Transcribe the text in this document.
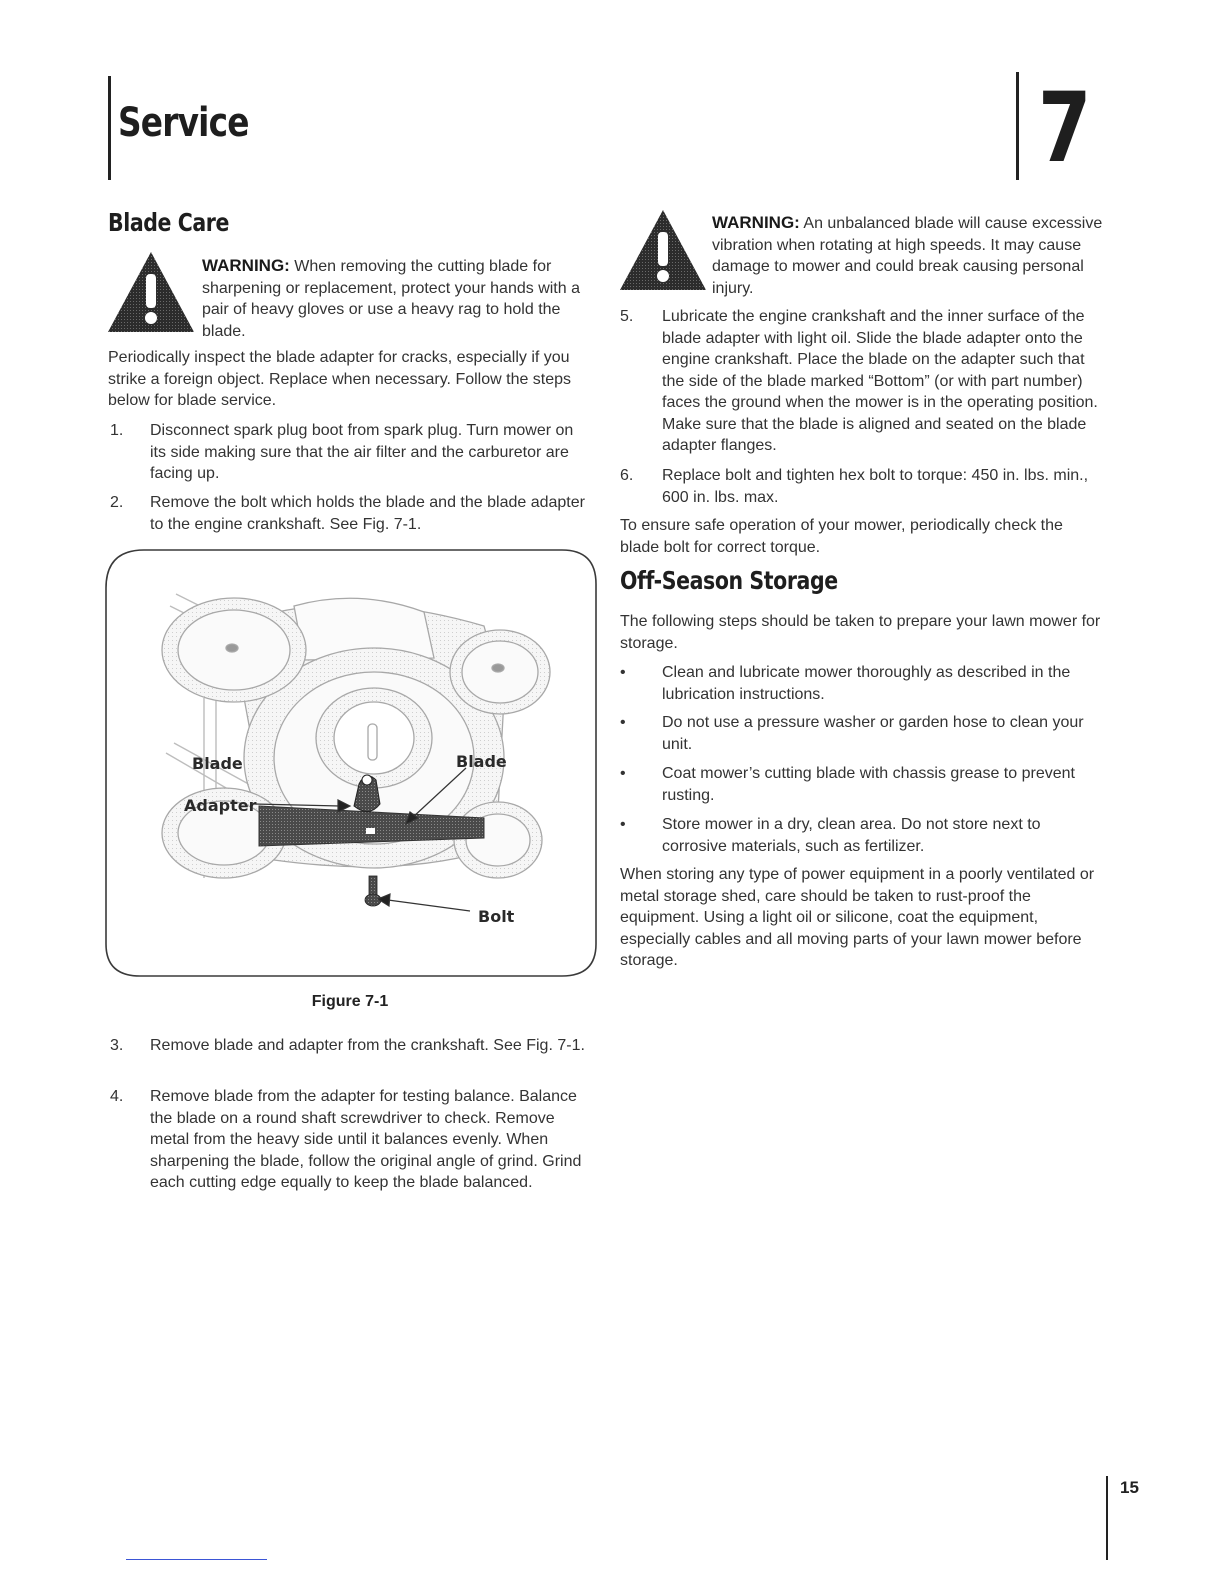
Service	7
Blade Care

WARNING: When removing the cutting blade for sharpening or replacement, protect your hands with a pair of heavy gloves or use a heavy rag to hold the blade.

Periodically inspect the blade adapter for cracks, especially if you strike a foreign object. Replace when necessary. Follow the steps below for blade service.

1. Disconnect spark plug boot from spark plug. Turn mower on its side making sure that the air filter and the carburetor are facing up.

2. Remove the bolt which holds the blade and the blade adapter to the engine crankshaft. See Fig. 7-1.

Blade
Adapter
Blade
Bolt
Figure 7-1
3. Remove blade and adapter from the crankshaft. See Fig. 7-1.

4. Remove blade from the adapter for testing balance. Balance the blade on a round shaft screwdriver to check. Remove metal from the heavy side until it balances evenly. When sharpening the blade, follow the original angle of grind. Grind each cutting edge equally to keep the blade balanced.

WARNING: An unbalanced blade will cause excessive vibration when rotating at high speeds. It may cause damage to mower and could break causing personal injury.

5. Lubricate the engine crankshaft and the inner surface of the blade adapter with light oil. Slide the blade adapter onto the engine crankshaft. Place the blade on the adapter such that the side of the blade marked “Bottom” (or with part number) faces the ground when the mower is in the operating position. Make sure that the blade is aligned and seated on the blade adapter flanges.

6. Replace bolt and tighten hex bolt to torque: 450 in. lbs. min., 600 in. lbs. max.

To ensure safe operation of your mower, periodically check the blade bolt for correct torque.

Off-Season Storage

The following steps should be taken to prepare your lawn mower for storage.

• Clean and lubricate mower thoroughly as described in the lubrication instructions.

• Do not use a pressure washer or garden hose to clean your unit.

• Coat mower’s cutting blade with chassis grease to prevent rusting.

• Store mower in a dry, clean area. Do not store next to corrosive materials, such as fertilizer.

When storing any type of power equipment in a poorly ventilated or metal storage shed, care should be taken to rust-proof the equipment. Using a light oil or silicone, coat the equipment, especially cables and all moving parts of your lawn mower before storage.

15
